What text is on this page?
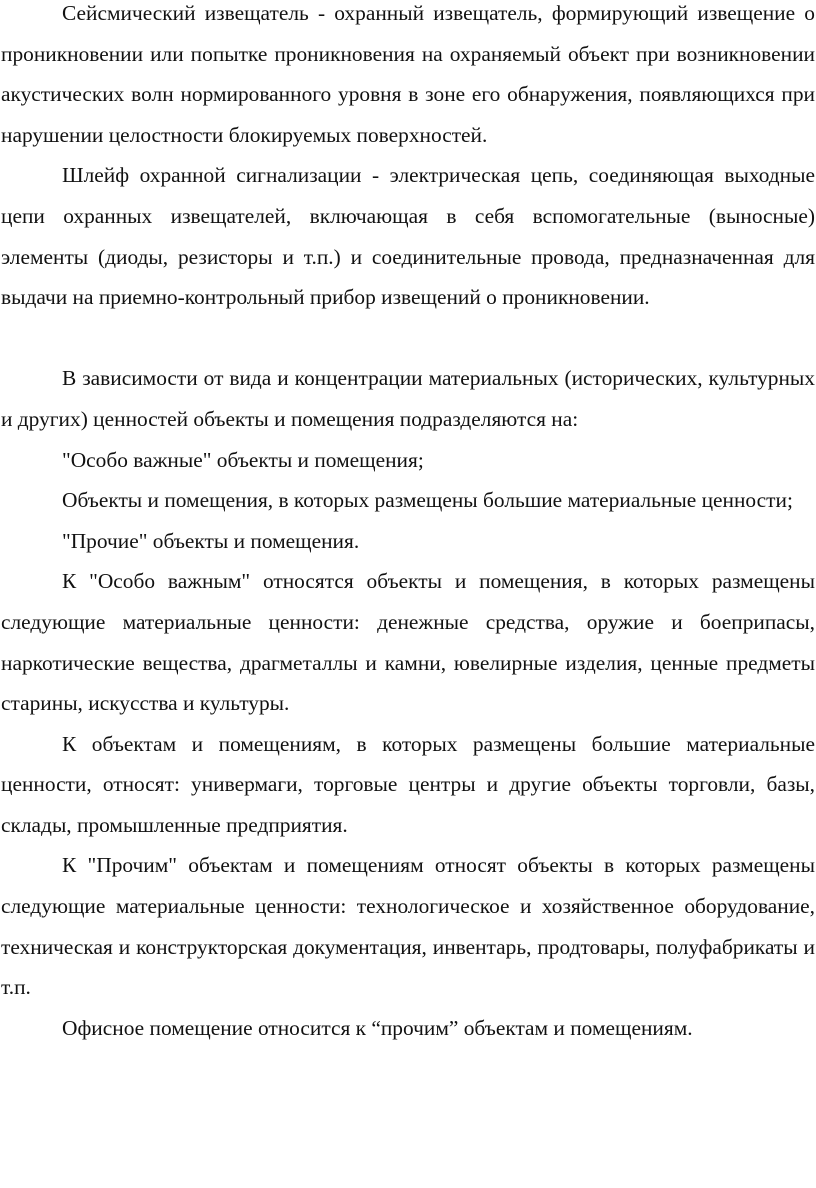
Сейсмический извещатель - охранный извещатель, формирующий извещение о проникновении или попытке проникновения на охраняемый объект при возникновении акустических волн нормированного уровня в зоне его обнаружения, появляющихся при нарушении целостности блокируемых поверхностей.

Шлейф охранной сигнализации - электрическая цепь, соединяющая выходные цепи охранных извещателей, включающая в себя вспомогательные (выносные) элементы (диоды, резисторы и т.п.) и соединительные провода, предназначенная для выдачи на приемно-контрольный прибор извещений о проникновении.

В зависимости от вида и концентрации материальных (исторических, культурных и других) ценностей объекты и помещения подразделяются на:

"Особо важные" объекты и помещения;

Объекты и помещения, в которых размещены большие материальные ценности;

"Прочие" объекты и помещения.

К "Особо важным" относятся объекты и помещения, в которых размещены следующие материальные ценности: денежные средства, оружие и боеприпасы, наркотические вещества, драгметаллы и камни, ювелирные изделия, ценные предметы старины, искусства и культуры.

К объектам и помещениям, в которых размещены большие материальные ценности, относят: универмаги, торговые центры и другие объекты торговли, базы, склады, промышленные предприятия.

К "Прочим" объектам и помещениям относят объекты в которых размещены следующие материальные ценности: технологическое и хозяйственное оборудование, техническая и конструкторская документация, инвентарь, продтовары, полуфабрикаты и т.п.

Офисное помещение относится к “прочим” объектам и помещениям.
